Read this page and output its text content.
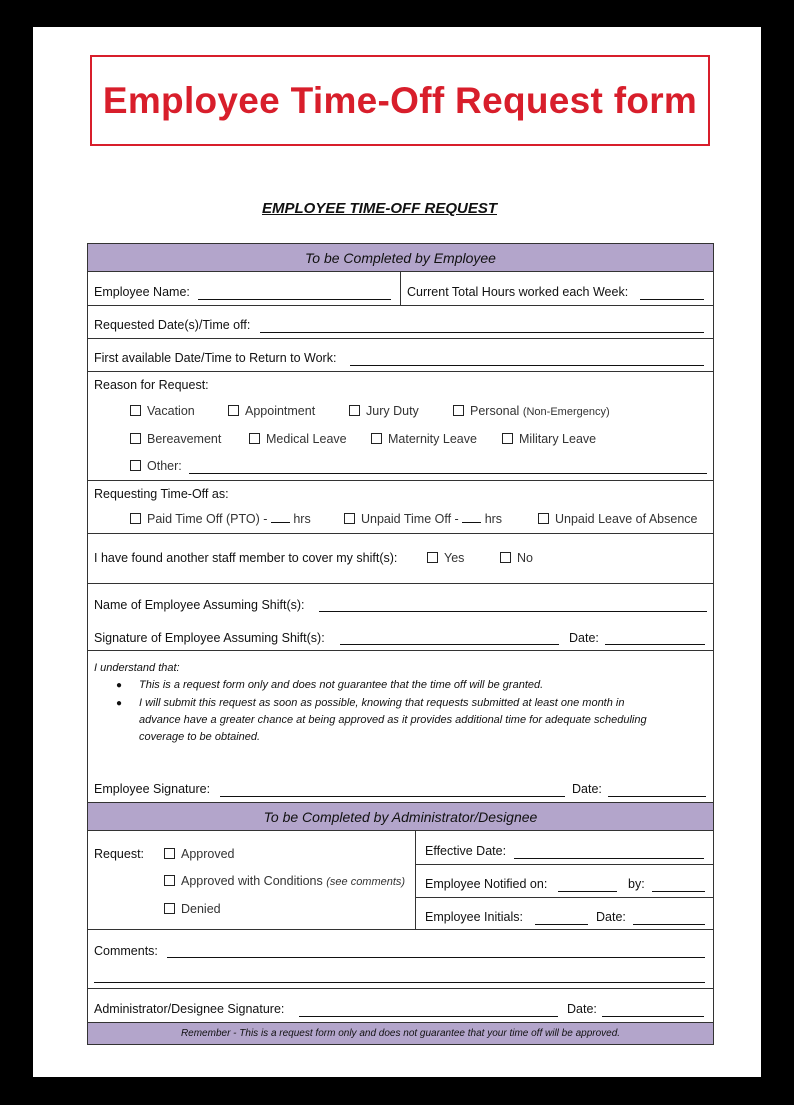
Employee Time-Off Request form
EMPLOYEE TIME-OFF REQUEST
To be Completed by Employee
Employee Name:	Current Total Hours worked each Week:
Requested Date(s)/Time off:
First available Date/Time to Return to Work:
Reason for Request:
Vacation	Appointment	Jury Duty	Personal (Non-Emergency)
Bereavement	Medical Leave	Maternity Leave	Military Leave
Other:
Requesting Time-Off as:
Paid Time Off (PTO) -  hrs	Unpaid Time Off -  hrs	Unpaid Leave of Absence
I have found another staff member to cover my shift(s):	Yes	No
Name of Employee Assuming Shift(s):
Signature of Employee Assuming Shift(s):	Date:
I understand that:
● This is a request form only and does not guarantee that the time off will be granted.
● I will submit this request as soon as possible, knowing that requests submitted at least one month in
advance have a greater chance at being approved as it provides additional time for adequate scheduling
coverage to be obtained.
Employee Signature:	Date:
To be Completed by Administrator/Designee
Request:	Approved
Approved with Conditions (see comments)
Denied
Effective Date:
Employee Notified on:	by:
Employee Initials:	Date:
Comments:
Administrator/Designee Signature:	Date:
Remember - This is a request form only and does not guarantee that your time off will be approved.
